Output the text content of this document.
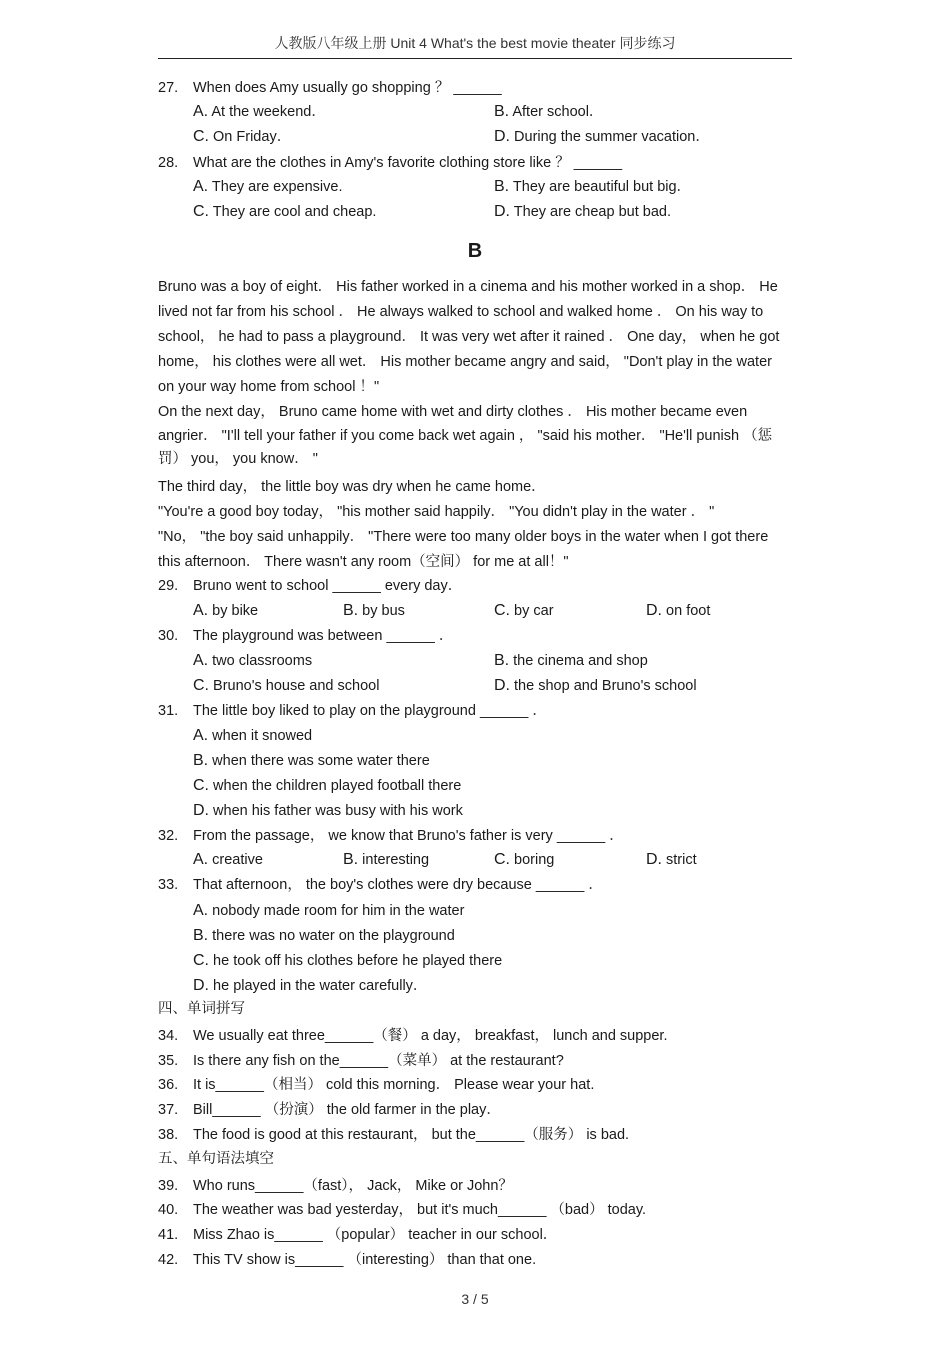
人教版八年级上册 Unit 4 What's the best movie theater 同步练习
27. When does Amy usually go shopping ？ ______
A. At the weekend．	B. After school．
C. On Friday．	D. During the summer vacation．
28. What are the clothes in Amy's favorite clothing store like ？ ______
A. They are expensive.	B. They are beautiful but big．
C. They are cool and cheap.	D. They are cheap but bad.
B
Bruno was a boy of eight． His father worked in a cinema and his mother worked in a shop． He
lived not far from his school ． He always walked to school and walked home ． On his way to
school， he had to pass a playground． It was very wet after it rained ． One day， when he got
home， his clothes were all wet． His mother became angry and said， "Don't play in the water
on your way home from school ！"
On the next day， Bruno came home with wet and dirty clothes ． His mother became even
angrier． "I'll tell your father if you come back wet again ， "said his mother． "He'll punish （惩
罚） you， you know． "
The third day， the little boy was dry when he came home．
"You're a good boy today， "his mother said happily． "You didn't play in the water ． "
"No， "the boy said unhappily． "There were too many older boys in the water when I got there
this afternoon． There wasn't any room（空间） for me at all！"
29. Bruno went to school ______ every day．
A. by bike	B. by bus	C. by car	D. on foot
30. The playground was between ______ ．
A. two classrooms	B. the cinema and shop
C. Bruno's house and school	D. the shop and Bruno's school
31. The little boy liked to play on the playground ______ ．
A. when it snowed
B. when there was some water there
C. when the children played football there
D. when his father was busy with his work
32. From the passage， we know that Bruno's father is very ______ ．
A. creative	B. interesting	C. boring	D. strict
33. That afternoon， the boy's clothes were dry because ______ ．
A. nobody made room for him in the water
B. there was no water on the playground
C. he took off his clothes before he played there
D. he played in the water carefully．
四、单词拼写
34. We usually eat three______（餐） a day， breakfast， lunch and supper.
35. Is there any fish on the______（菜单） at the restaurant?
36. It is______（相当） cold this morning． Please wear your hat.
37. Bill______ （扮演） the old farmer in the play．
38. The food is good at this restaurant， but the______（服务） is bad.
五、单句语法填空
39. Who runs______（fast）， Jack， Mike or John？
40. The weather was bad yesterday， but it's much______ （bad） today.
41. Miss Zhao is______ （popular） teacher in our school．
42. This TV show is______ （interesting） than that one.
3 / 5
